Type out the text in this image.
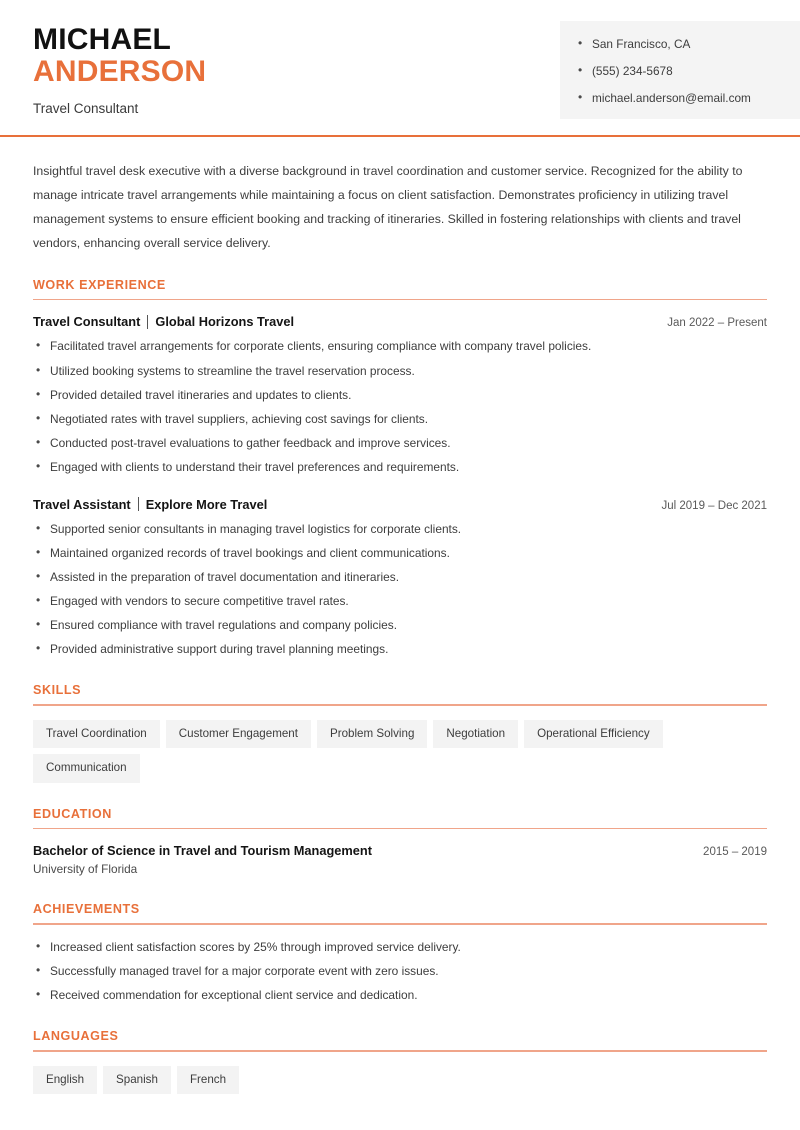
MICHAEL
ANDERSON
Travel Consultant
• San Francisco, CA
• (555) 234-5678
• michael.anderson@email.com

Insightful travel desk executive with a diverse background in travel coordination and customer service. Recognized for the ability to manage intricate travel arrangements while maintaining a focus on client satisfaction. Demonstrates proficiency in utilizing travel management systems to ensure efficient booking and tracking of itineraries. Skilled in fostering relationships with clients and travel vendors, enhancing overall service delivery.

WORK EXPERIENCE
Travel Consultant Global Horizons Travel	Jan 2022 – Present
• Facilitated travel arrangements for corporate clients, ensuring compliance with company travel policies.
• Utilized booking systems to streamline the travel reservation process.
• Provided detailed travel itineraries and updates to clients.
• Negotiated rates with travel suppliers, achieving cost savings for clients.
• Conducted post-travel evaluations to gather feedback and improve services.
• Engaged with clients to understand their travel preferences and requirements.
Travel Assistant Explore More Travel	Jul 2019 – Dec 2021
• Supported senior consultants in managing travel logistics for corporate clients.
• Maintained organized records of travel bookings and client communications.
• Assisted in the preparation of travel documentation and itineraries.
• Engaged with vendors to secure competitive travel rates.
• Ensured compliance with travel regulations and company policies.
• Provided administrative support during travel planning meetings.
SKILLS
Travel Coordination	Customer Engagement	Problem Solving	Negotiation	Operational Efficiency
Communication
EDUCATION
Bachelor of Science in Travel and Tourism Management	2015 – 2019
University of Florida
ACHIEVEMENTS
• Increased client satisfaction scores by 25% through improved service delivery.
• Successfully managed travel for a major corporate event with zero issues.
• Received commendation for exceptional client service and dedication.
LANGUAGES
English	Spanish	French
